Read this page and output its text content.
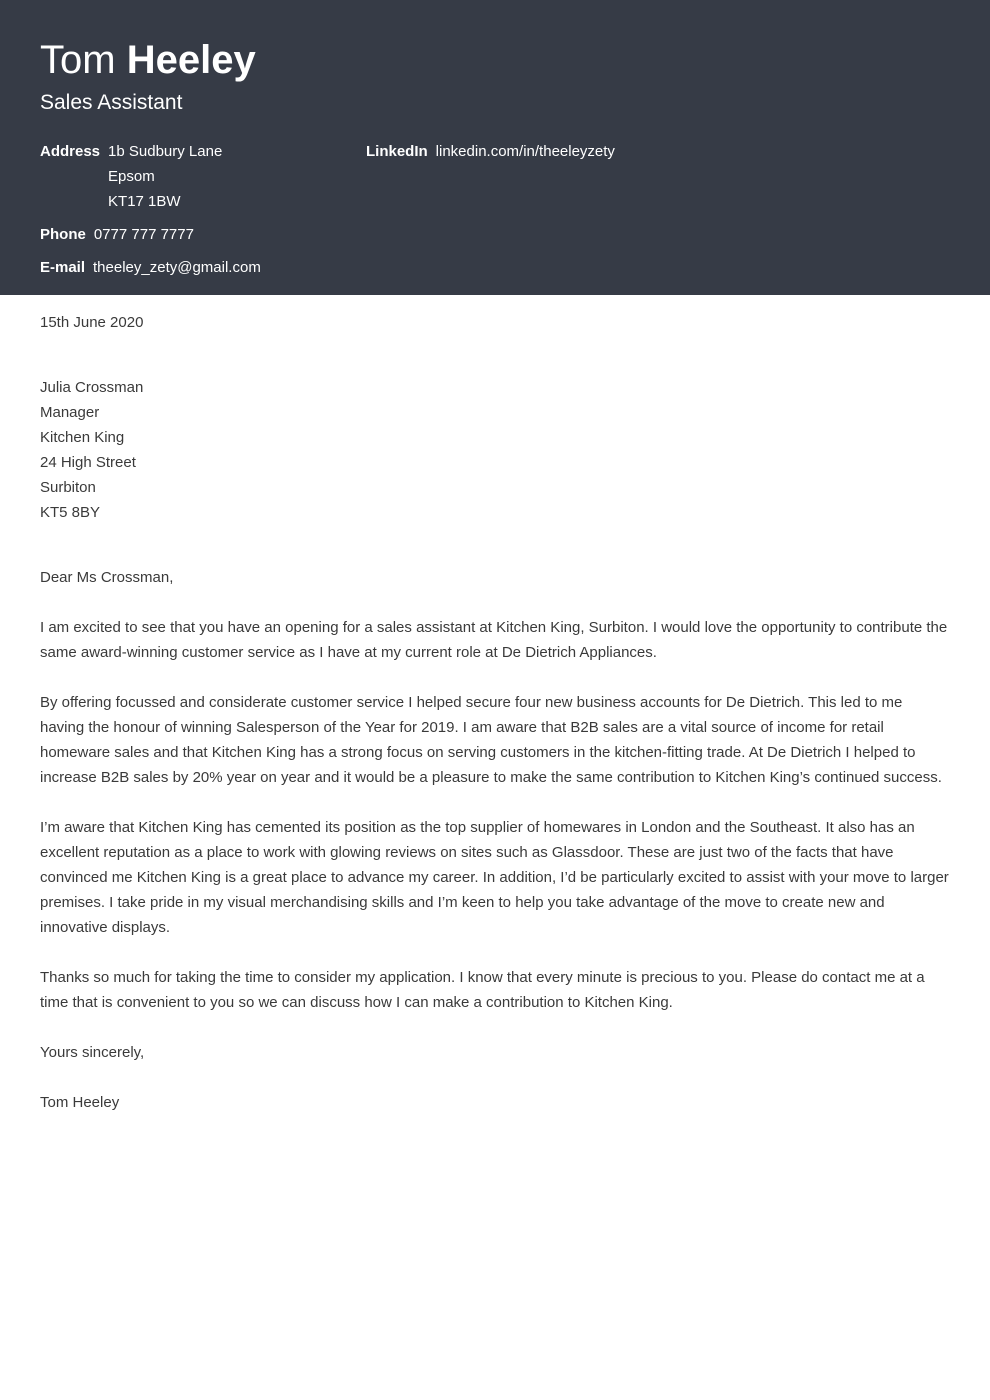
Tom Heeley
Sales Assistant
Address 1b Sudbury Lane
Epsom
KT17 1BW
Phone 0777 777 7777
E-mail theeley_zety@gmail.com
LinkedIn linkedin.com/in/theeleyzety
15th June 2020
Julia Crossman
Manager
Kitchen King
24 High Street
Surbiton
KT5 8BY
Dear Ms Crossman,
I am excited to see that you have an opening for a sales assistant at Kitchen King, Surbiton. I would love the opportunity to contribute the same award-winning customer service as I have at my current role at De Dietrich Appliances.
By offering focussed and considerate customer service I helped secure four new business accounts for De Dietrich. This led to me having the honour of winning Salesperson of the Year for 2019. I am aware that B2B sales are a vital source of income for retail homeware sales and that Kitchen King has a strong focus on serving customers in the kitchen-fitting trade. At De Dietrich I helped to increase B2B sales by 20% year on year and it would be a pleasure to make the same contribution to Kitchen King’s continued success.
I’m aware that Kitchen King has cemented its position as the top supplier of homewares in London and the Southeast. It also has an excellent reputation as a place to work with glowing reviews on sites such as Glassdoor. These are just two of the facts that have convinced me Kitchen King is a great place to advance my career. In addition, I’d be particularly excited to assist with your move to larger premises. I take pride in my visual merchandising skills and I’m keen to help you take advantage of the move to create new and innovative displays.
Thanks so much for taking the time to consider my application. I know that every minute is precious to you. Please do contact me at a time that is convenient to you so we can discuss how I can make a contribution to Kitchen King.
Yours sincerely,
Tom Heeley
